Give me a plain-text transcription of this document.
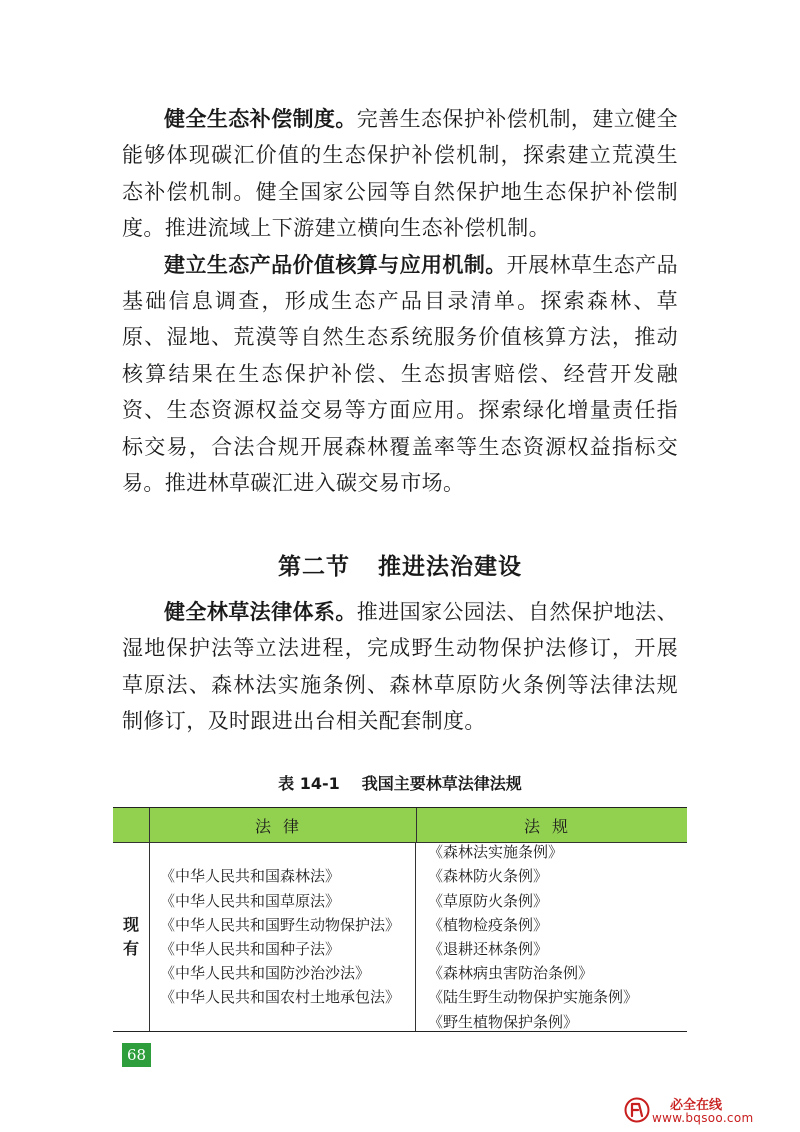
健全生态补偿制度。完善生态保护补偿机制，建立健全能够体现碳汇价值的生态保护补偿机制，探索建立荒漠生态补偿机制。健全国家公园等自然保护地生态保护补偿制度。推进流域上下游建立横向生态补偿机制。

建立生态产品价值核算与应用机制。开展林草生态产品基础信息调查，形成生态产品目录清单。探索森林、草原、湿地、荒漠等自然生态系统服务价值核算方法，推动核算结果在生态保护补偿、生态损害赔偿、经营开发融资、生态资源权益交易等方面应用。探索绿化增量责任指标交易，合法合规开展森林覆盖率等生态资源权益指标交易。推进林草碳汇进入碳交易市场。

第二节 推进法治建设

健全林草法律体系。推进国家公园法、自然保护地法、湿地保护法等立法进程，完成野生动物保护法修订，开展草原法、森林法实施条例、森林草原防火条例等法律法规制修订，及时跟进出台相关配套制度。

表 14-1 我国主要林草法律法规
法律	法规
现
有
《中华人民共和国森林法》
《中华人民共和国草原法》
《中华人民共和国野生动物保护法》
《中华人民共和国种子法》
《中华人民共和国防沙治沙法》
《中华人民共和国农村土地承包法》
《森林法实施条例》
《森林防火条例》
《草原防火条例》
《植物检疫条例》
《退耕还林条例》
《森林病虫害防治条例》
《陆生野生动物保护实施条例》
《野生植物保护条例》
68
必全在线
www.bqsoo.com
